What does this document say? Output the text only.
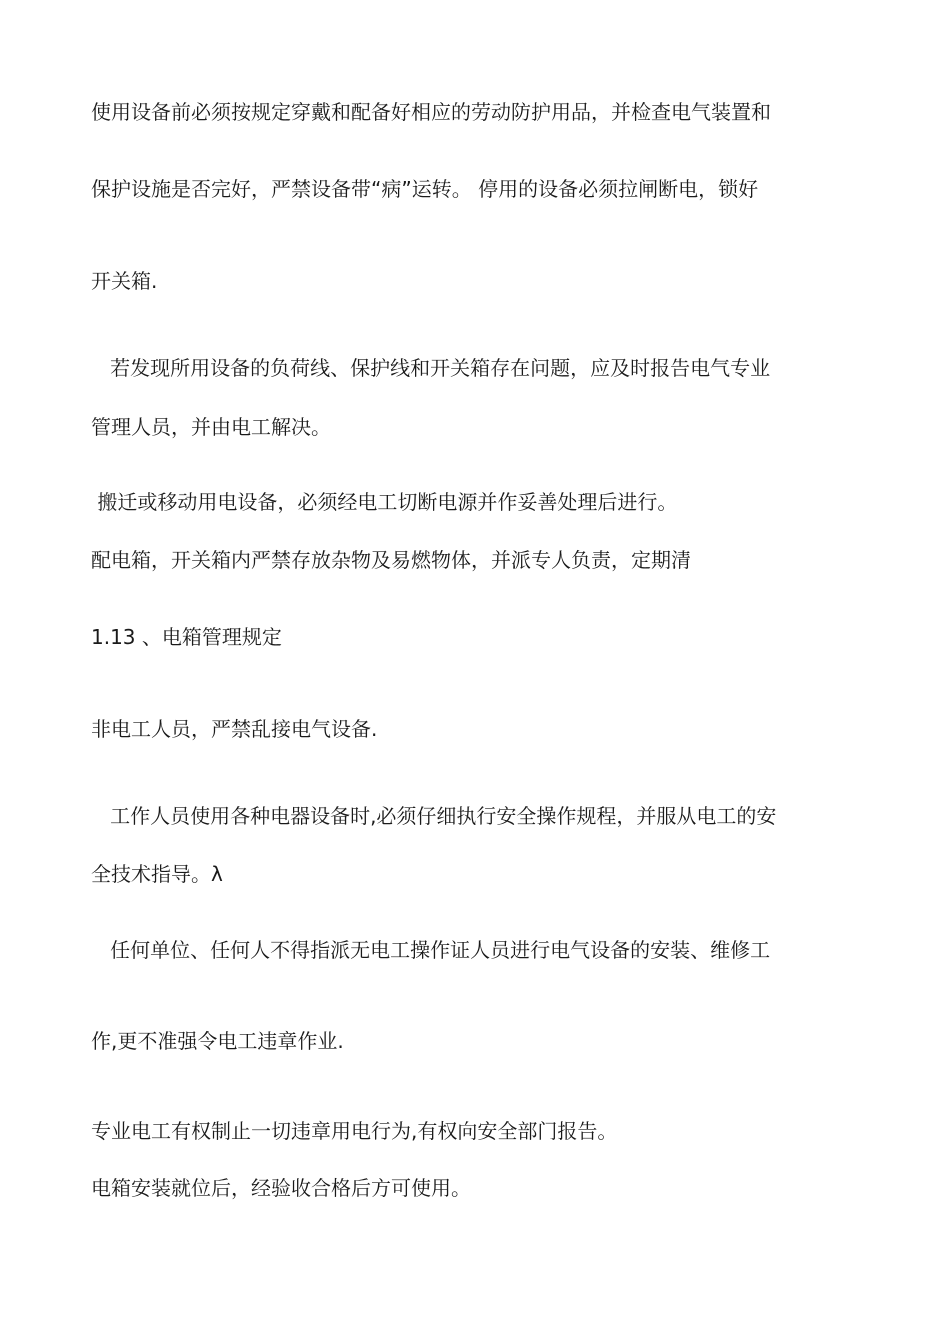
使用设备前必须按规定穿戴和配备好相应的劳动防护用品，并检查电气装置和
保护设施是否完好，严禁设备带“病”运转。 停用的设备必须拉闸断电，锁好
开关箱.
若发现所用设备的负荷线、保护线和开关箱存在问题，应及时报告电气专业
管理人员，并由电工解决。
搬迁或移动用电设备，必须经电工切断电源并作妥善处理后进行。
配电箱，开关箱内严禁存放杂物及易燃物体，并派专人负责，定期清
1.13 、电箱管理规定
非电工人员，严禁乱接电气设备.
工作人员使用各种电器设备时,必须仔细执行安全操作规程，并服从电工的安
全技术指导。λ
任何单位、任何人不得指派无电工操作证人员进行电气设备的安装、维修工
作,更不准强令电工违章作业.
专业电工有权制止一切违章用电行为,有权向安全部门报告。
电箱安装就位后，经验收合格后方可使用。
